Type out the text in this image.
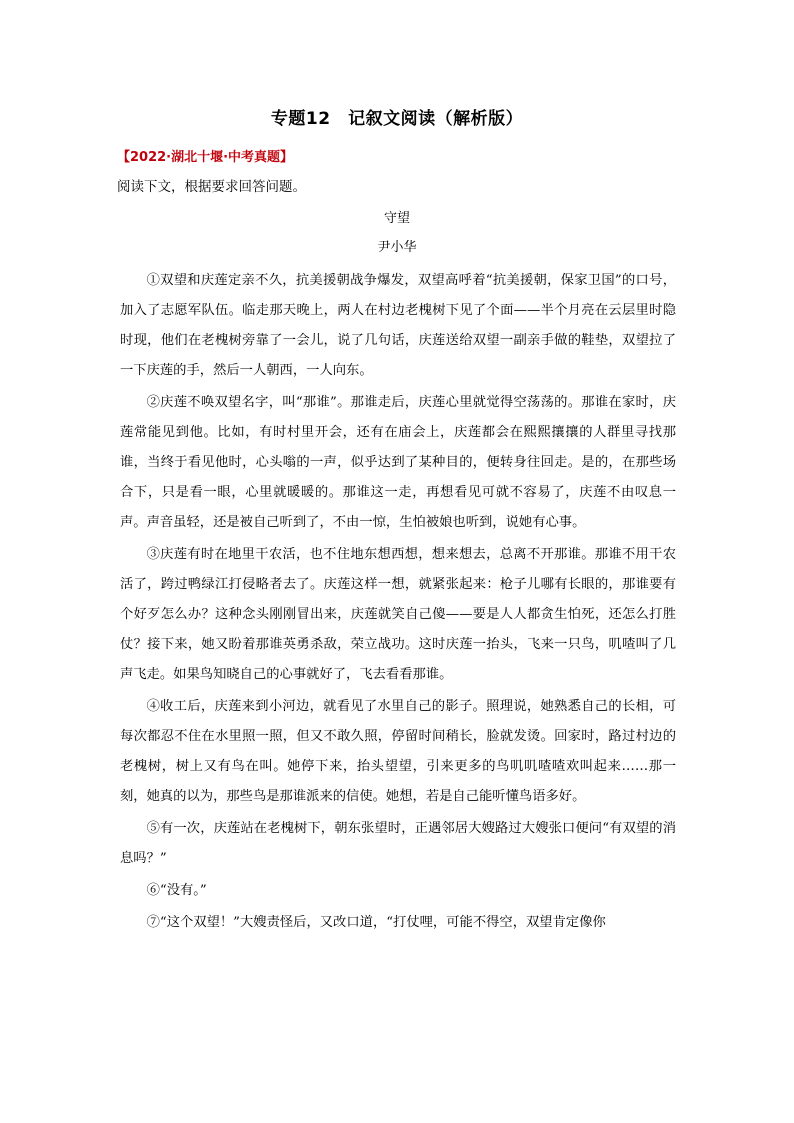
专题12　记叙文阅读（解析版）
【2022·湖北十堰·中考真题】
阅读下文，根据要求回答问题。
守望
尹小华

①双望和庆莲定亲不久，抗美援朝战争爆发，双望高呼着“抗美援朝，保家卫国”的口号，加入了志愿军队伍。临走那天晚上，两人在村边老槐树下见了个面——半个月亮在云层里时隐时现，他们在老槐树旁靠了一会儿，说了几句话，庆莲送给双望一副亲手做的鞋垫，双望拉了一下庆莲的手，然后一人朝西，一人向东。

②庆莲不唤双望名字，叫“那谁”。那谁走后，庆莲心里就觉得空荡荡的。那谁在家时，庆莲常能见到他。比如，有时村里开会，还有在庙会上，庆莲都会在熙熙攘攘的人群里寻找那谁，当终于看见他时，心头嗡的一声，似乎达到了某种目的，便转身往回走。是的，在那些场合下，只是看一眼，心里就暖暖的。那谁这一走，再想看见可就不容易了，庆莲不由叹息一声。声音虽轻，还是被自己听到了，不由一惊，生怕被娘也听到，说她有心事。

③庆莲有时在地里干农活，也不住地东想西想，想来想去，总离不开那谁。那谁不用干农活了，跨过鸭绿江打侵略者去了。庆莲这样一想，就紧张起来：枪子儿哪有长眼的，那谁要有个好歹怎么办？这种念头刚刚冒出来，庆莲就笑自己傻——要是人人都贪生怕死，还怎么打胜仗？接下来，她又盼着那谁英勇杀敌，荣立战功。这时庆莲一抬头，飞来一只鸟，叽喳叫了几声飞走。如果鸟知晓自己的心事就好了，飞去看看那谁。

④收工后，庆莲来到小河边，就看见了水里自己的影子。照理说，她熟悉自己的长相，可每次都忍不住在水里照一照，但又不敢久照，停留时间稍长，脸就发烫。回家时，路过村边的老槐树，树上又有鸟在叫。她停下来，抬头望望，引来更多的鸟叽叽喳喳欢叫起来……那一刻，她真的以为，那些鸟是那谁派来的信使。她想，若是自己能听懂鸟语多好。

⑤有一次，庆莲站在老槐树下，朝东张望时，正遇邻居大嫂路过大嫂张口便问“有双望的消息吗？”

⑥“没有。”

⑦“这个双望！”大嫂责怪后，又改口道，“打仗哩，可能不得空，双望肯定像你
